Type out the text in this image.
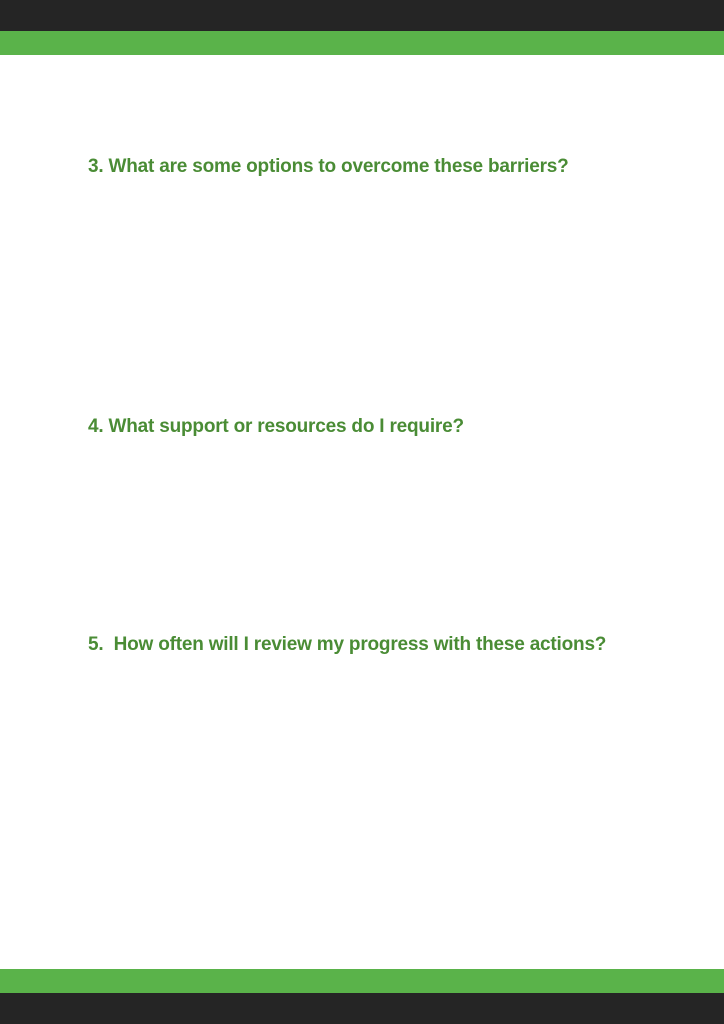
3. What are some options to overcome these barriers?

4. What support or resources do I require?

5.  How often will I review my progress with these actions?
